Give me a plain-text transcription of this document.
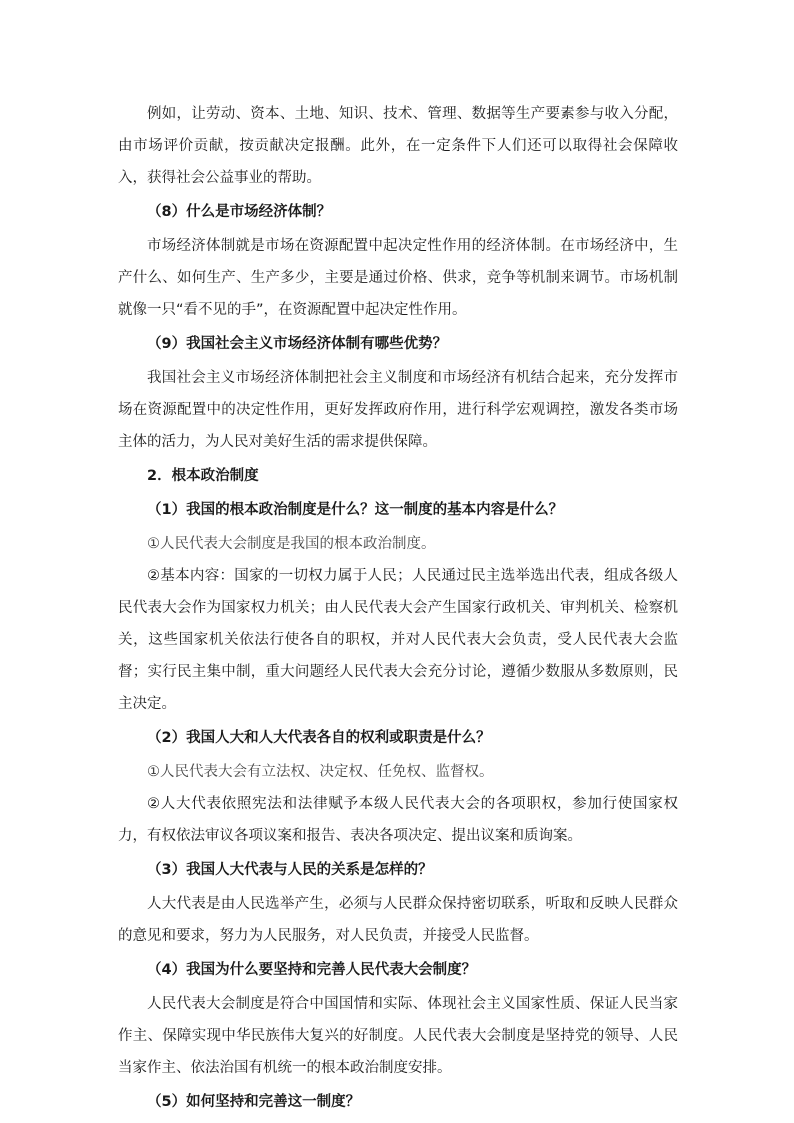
例如，让劳动、资本、土地、知识、技术、管理、数据等生产要素参与收入分配，由市场评价贡献，按贡献决定报酬。此外，在一定条件下人们还可以取得社会保障收入，获得社会公益事业的帮助。

（8）什么是市场经济体制？

市场经济体制就是市场在资源配置中起决定性作用的经济体制。在市场经济中，生产什么、如何生产、生产多少，主要是通过价格、供求，竞争等机制来调节。市场机制就像一只“看不见的手”，在资源配置中起决定性作用。

（9）我国社会主义市场经济体制有哪些优势？

我国社会主义市场经济体制把社会主义制度和市场经济有机结合起来，充分发挥市场在资源配置中的决定性作用，更好发挥政府作用，进行科学宏观调控，激发各类市场主体的活力，为人民对美好生活的需求提供保障。

2．根本政治制度

（1）我国的根本政治制度是什么？这一制度的基本内容是什么？

①人民代表大会制度是我国的根本政治制度。

②基本内容：国家的一切权力属于人民；人民通过民主选举选出代表，组成各级人民代表大会作为国家权力机关；由人民代表大会产生国家行政机关、审判机关、检察机关，这些国家机关依法行使各自的职权，并对人民代表大会负责，受人民代表大会监督；实行民主集中制，重大问题经人民代表大会充分讨论，遵循少数服从多数原则，民主决定。

（2）我国人大和人大代表各自的权利或职责是什么？

①人民代表大会有立法权、决定权、任免权、监督权。

②人大代表依照宪法和法律赋予本级人民代表大会的各项职权，参加行使国家权力，有权依法审议各项议案和报告、表决各项决定、提出议案和质询案。

（3）我国人大代表与人民的关系是怎样的？

人大代表是由人民选举产生，必须与人民群众保持密切联系，听取和反映人民群众的意见和要求，努力为人民服务，对人民负责，并接受人民监督。

（4）我国为什么要坚持和完善人民代表大会制度？

人民代表大会制度是符合中国国情和实际、体现社会主义国家性质、保证人民当家作主、保障实现中华民族伟大复兴的好制度。人民代表大会制度是坚持党的领导、人民当家作主、依法治国有机统一的根本政治制度安排。

（5）如何坚持和完善这一制度？
